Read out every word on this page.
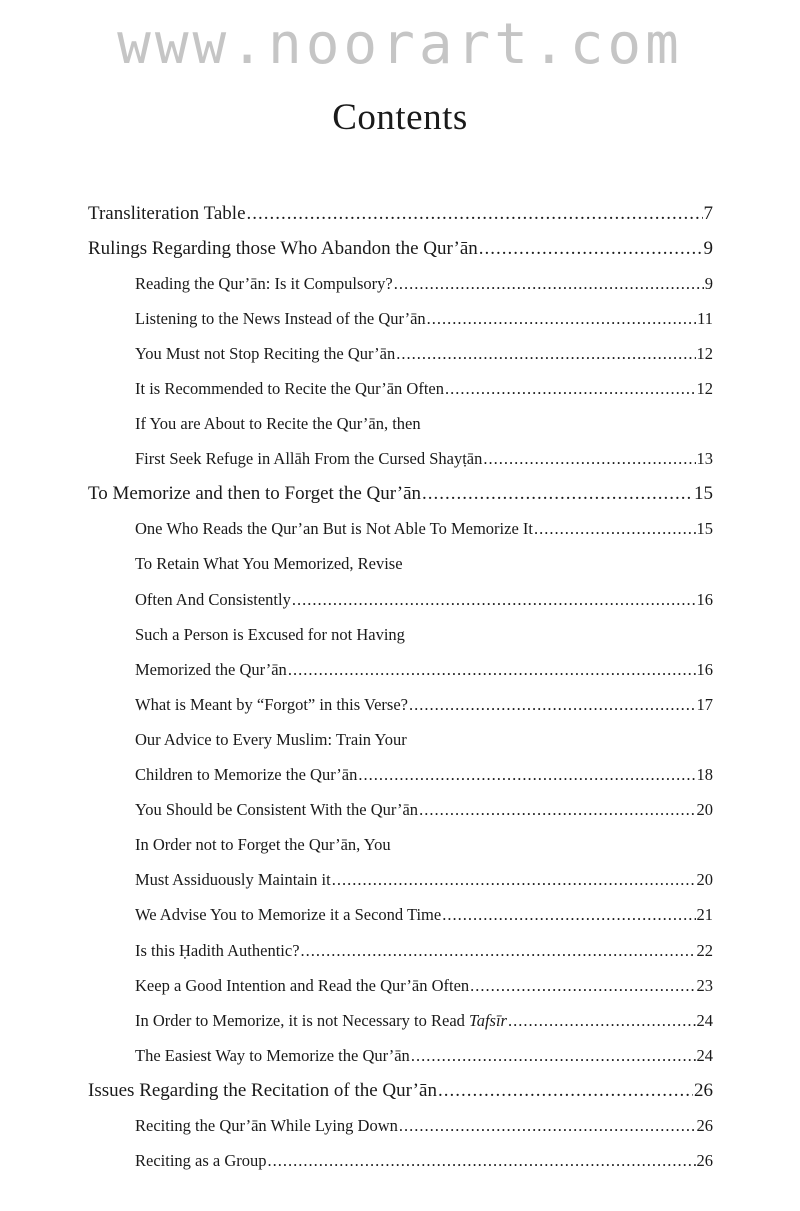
www.noorart.com
Contents
Transliteration Table .....	7
Rulings Regarding those Who Abandon the Qur’ān .....	9
Reading the Qur’ān: Is it Compulsory? .....	9
Listening to the News Instead of the Qur’ān .....	11
You Must not Stop Reciting the Qur’ān .....	12
It is Recommended to Recite the Qur’ān Often .....	12
If You are About to Recite the Qur’ān, then
First Seek Refuge in Allāh From the Cursed Shayṭān .....	13
To Memorize and then to Forget the Qur’ān .....	15
One Who Reads the Qur’an But is Not Able To Memorize It .....	15
To Retain What You Memorized, Revise
Often And Consistently .....	16
Such a Person is Excused for not Having
Memorized the Qur’ān .....	16
What is Meant by “Forgot” in this Verse? .....	17
Our Advice to Every Muslim: Train Your
Children to Memorize the Qur’ān .....	18
You Should be Consistent With the Qur’ān .....	20
In Order not to Forget the Qur’ān, You
Must Assiduously Maintain it .....	20
We Advise You to Memorize it a Second Time .....	21
Is this Ḥadith Authentic? .....	22
Keep a Good Intention and Read the Qur’ān Often .....	23
In Order to Memorize, it is not Necessary to Read Tafsīr .....	24
The Easiest Way to Memorize the Qur’ān .....	24
Issues Regarding the Recitation of the Qur’ān .....	26
Reciting the Qur’ān While Lying Down .....	26
Reciting as a Group .....	26
